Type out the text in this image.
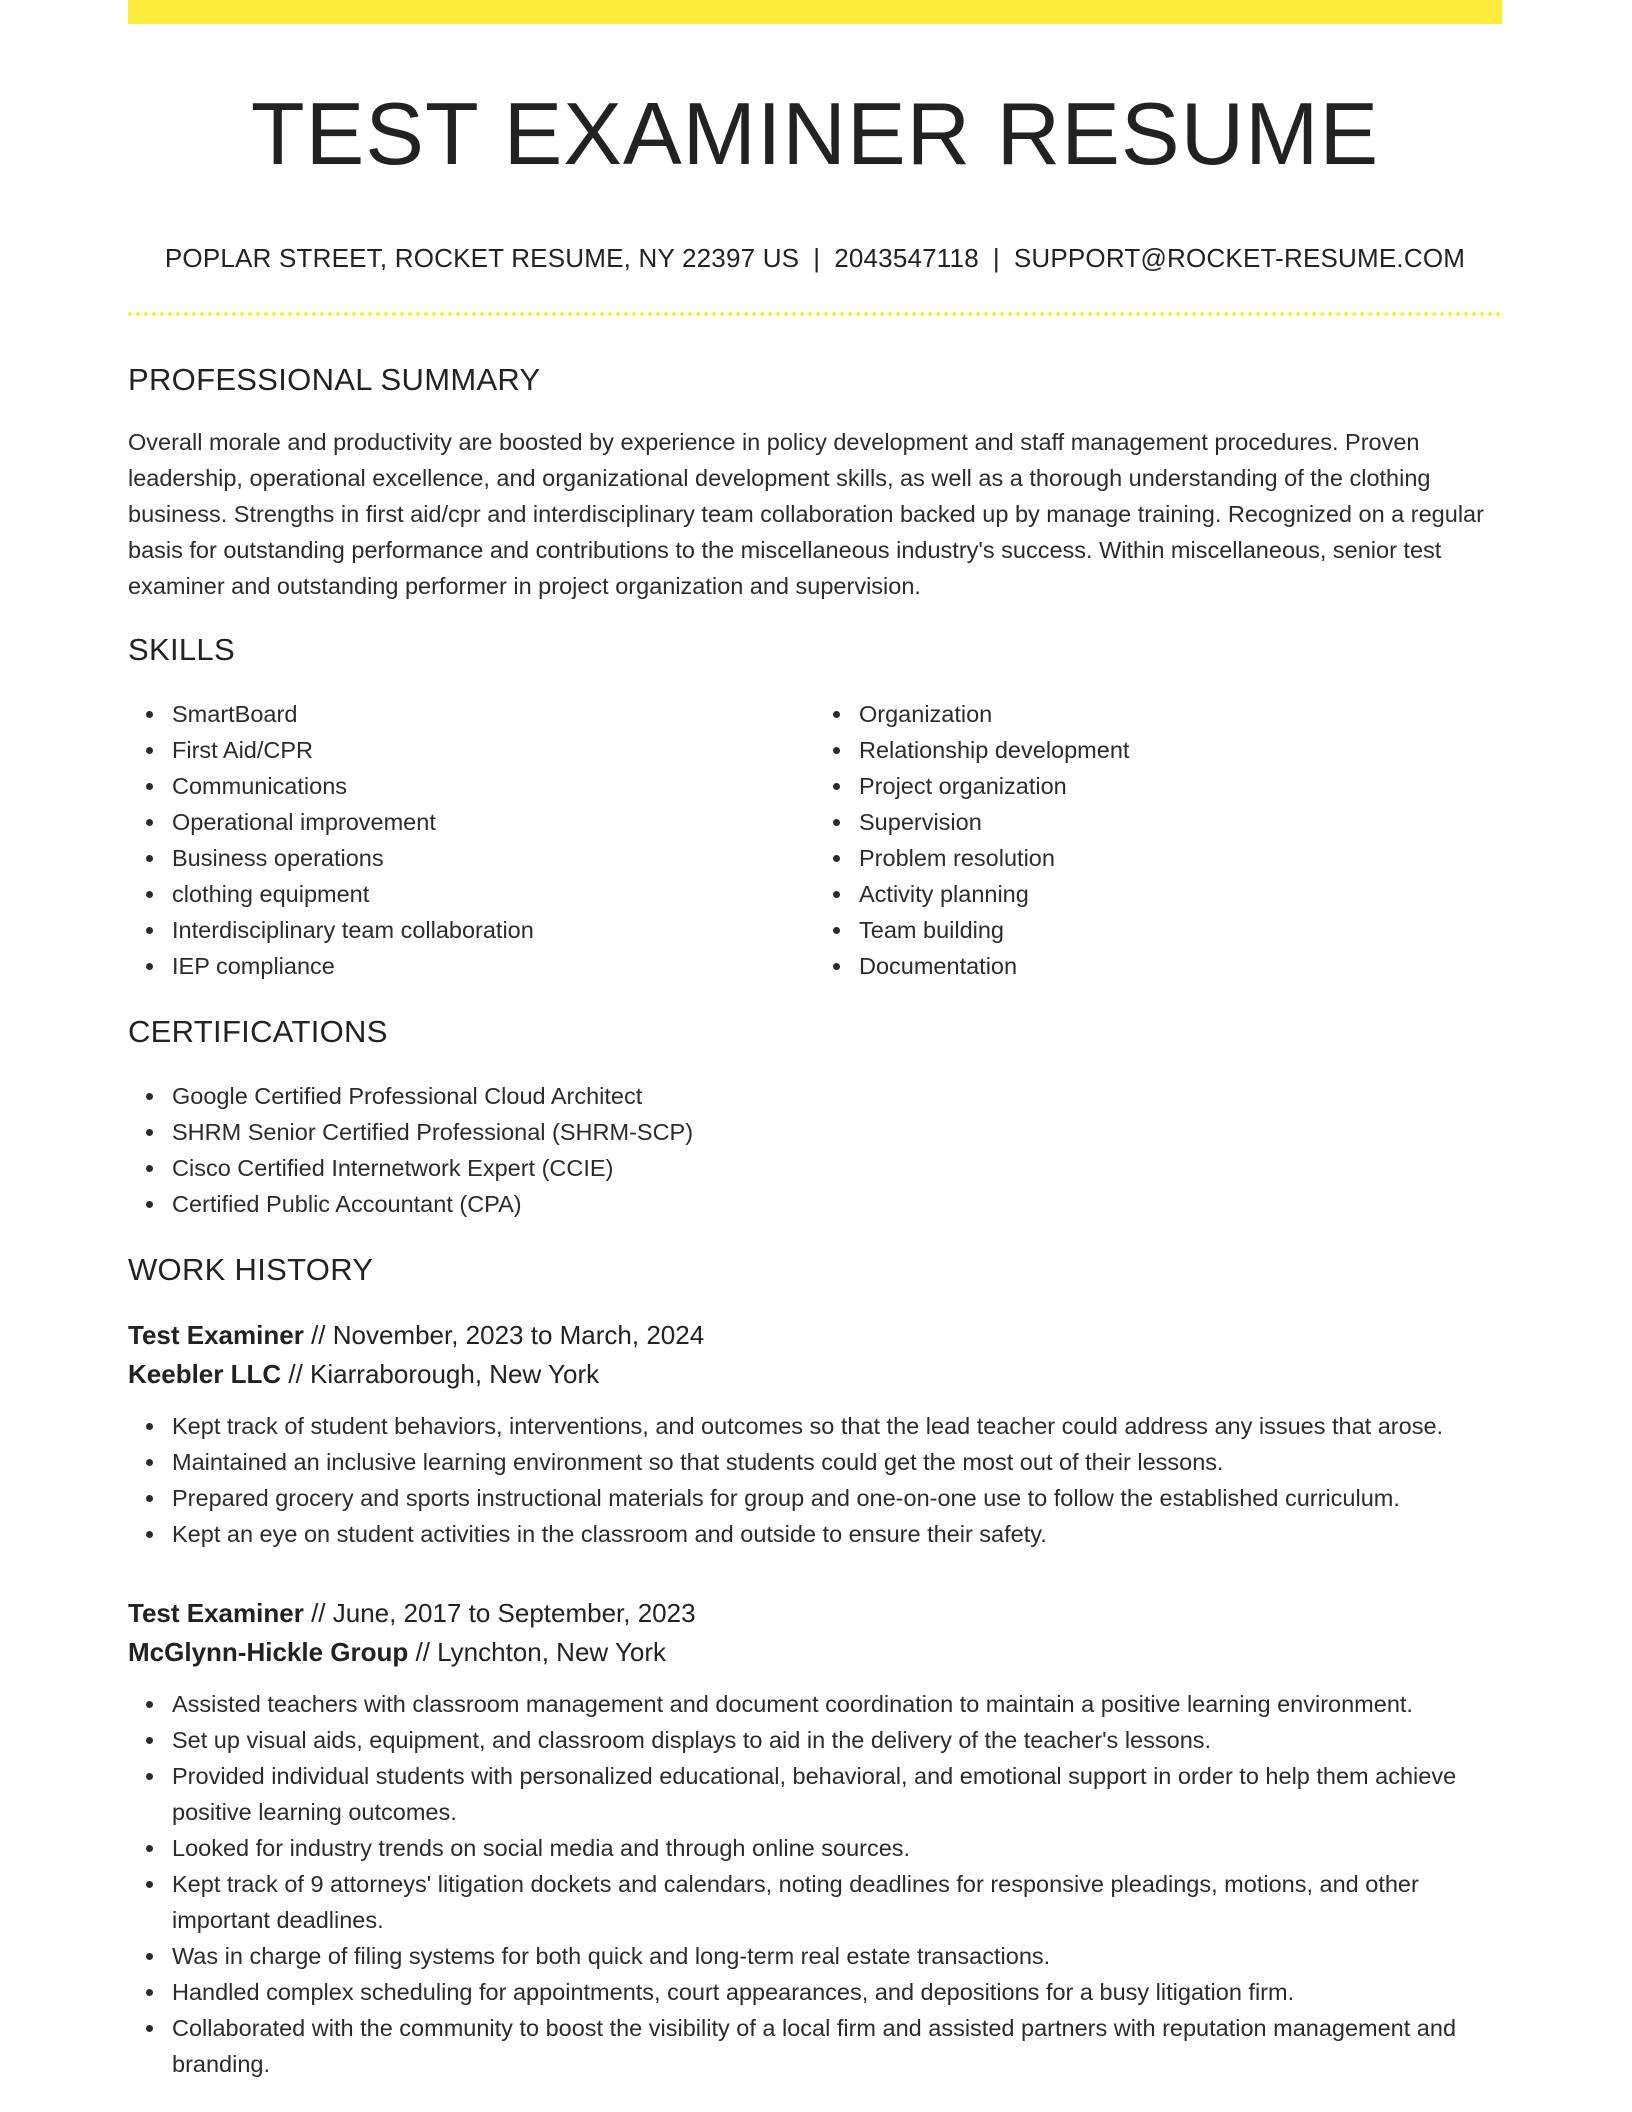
TEST EXAMINER RESUME
POPLAR STREET, ROCKET RESUME, NY 22397 US | 2043547118 | SUPPORT@ROCKET-RESUME.COM
PROFESSIONAL SUMMARY
Overall morale and productivity are boosted by experience in policy development and staff management procedures. Proven leadership, operational excellence, and organizational development skills, as well as a thorough understanding of the clothing business. Strengths in first aid/cpr and interdisciplinary team collaboration backed up by manage training. Recognized on a regular basis for outstanding performance and contributions to the miscellaneous industry's success. Within miscellaneous, senior test examiner and outstanding performer in project organization and supervision.
SKILLS
SmartBoard
First Aid/CPR
Communications
Operational improvement
Business operations
clothing equipment
Interdisciplinary team collaboration
IEP compliance
Organization
Relationship development
Project organization
Supervision
Problem resolution
Activity planning
Team building
Documentation
CERTIFICATIONS
Google Certified Professional Cloud Architect
SHRM Senior Certified Professional (SHRM-SCP)
Cisco Certified Internetwork Expert (CCIE)
Certified Public Accountant (CPA)
WORK HISTORY
Test Examiner // November, 2023 to March, 2024
Keebler LLC // Kiarraborough, New York
Kept track of student behaviors, interventions, and outcomes so that the lead teacher could address any issues that arose.
Maintained an inclusive learning environment so that students could get the most out of their lessons.
Prepared grocery and sports instructional materials for group and one-on-one use to follow the established curriculum.
Kept an eye on student activities in the classroom and outside to ensure their safety.
Test Examiner // June, 2017 to September, 2023
McGlynn-Hickle Group // Lynchton, New York
Assisted teachers with classroom management and document coordination to maintain a positive learning environment.
Set up visual aids, equipment, and classroom displays to aid in the delivery of the teacher's lessons.
Provided individual students with personalized educational, behavioral, and emotional support in order to help them achieve positive learning outcomes.
Looked for industry trends on social media and through online sources.
Kept track of 9 attorneys' litigation dockets and calendars, noting deadlines for responsive pleadings, motions, and other important deadlines.
Was in charge of filing systems for both quick and long-term real estate transactions.
Handled complex scheduling for appointments, court appearances, and depositions for a busy litigation firm.
Collaborated with the community to boost the visibility of a local firm and assisted partners with reputation management and branding.
